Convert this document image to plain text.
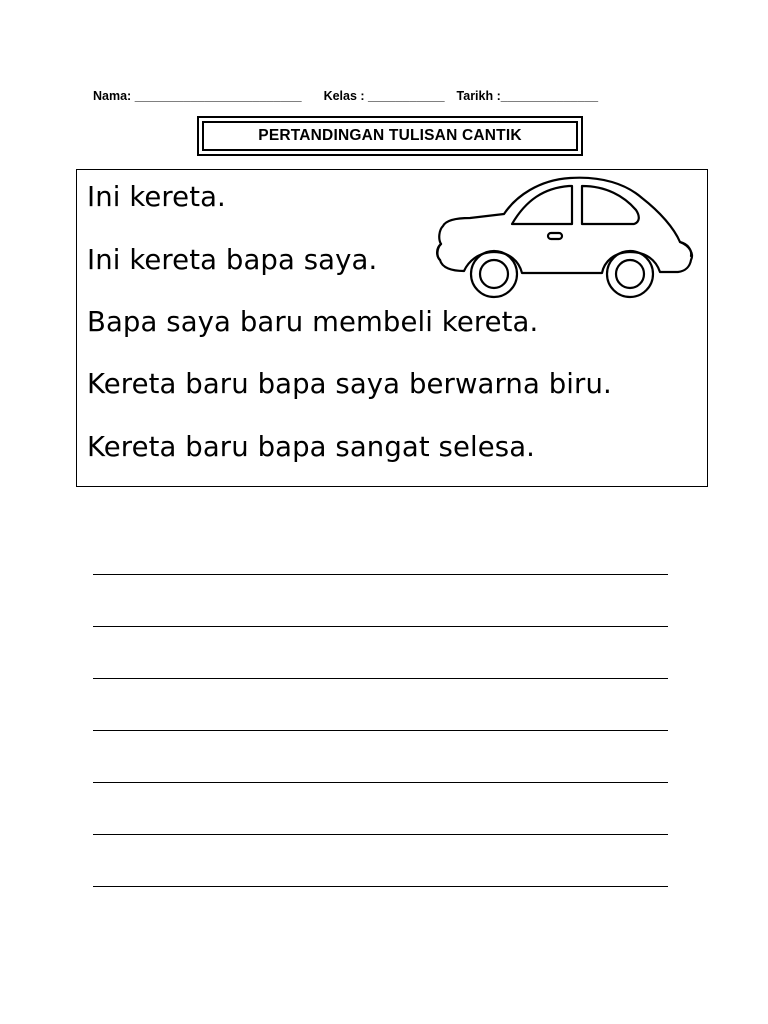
Nama: ________________________ Kelas : ___________ Tarikh :______________
PERTANDINGAN TULISAN CANTIK
Ini kereta.
Ini kereta bapa saya.
Bapa saya baru membeli kereta.
Kereta baru bapa saya berwarna biru.
Kereta baru bapa sangat selesa.
